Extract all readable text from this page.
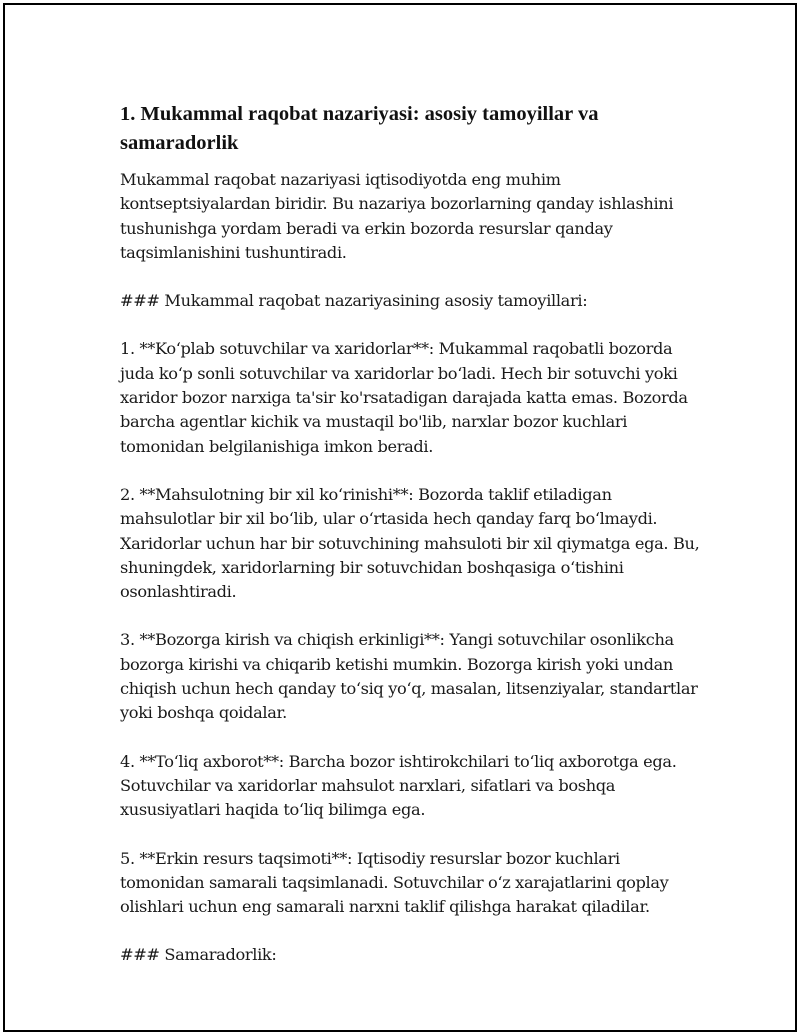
1. Mukammal raqobat nazariyasi: asosiy tamoyillar va samaradorlik

Mukammal raqobat nazariyasi iqtisodiyotda eng muhim kontseptsiyalardan biridir. Bu nazariya bozorlarning qanday ishlashini tushunishga yordam beradi va erkin bozorda resurslar qanday taqsimlanishini tushuntiradi.

### Mukammal raqobat nazariyasining asosiy tamoyillari:

1. **Koʻplab sotuvchilar va xaridorlar**: Mukammal raqobatli bozorda juda koʻp sonli sotuvchilar va xaridorlar boʻladi. Hech bir sotuvchi yoki xaridor bozor narxiga ta'sir ko'rsatadigan darajada katta emas. Bozorda barcha agentlar kichik va mustaqil bo'lib, narxlar bozor kuchlari tomonidan belgilanishiga imkon beradi.

2. **Mahsulotning bir xil koʻrinishi**: Bozorda taklif etiladigan mahsulotlar bir xil boʻlib, ular oʻrtasida hech qanday farq boʻlmaydi. Xaridorlar uchun har bir sotuvchining mahsuloti bir xil qiymatga ega. Bu, shuningdek, xaridorlarning bir sotuvchidan boshqasiga oʻtishini osonlashtiradi.

3. **Bozorga kirish va chiqish erkinligi**: Yangi sotuvchilar osonlikcha bozorga kirishi va chiqarib ketishi mumkin. Bozorga kirish yoki undan chiqish uchun hech qanday toʻsiq yoʻq, masalan, litsenziyalar, standartlar yoki boshqa qoidalar.

4. **Toʻliq axborot**: Barcha bozor ishtirokchilari toʻliq axborotga ega. Sotuvchilar va xaridorlar mahsulot narxlari, sifatlari va boshqa xususiyatlari haqida toʻliq bilimga ega.

5. **Erkin resurs taqsimoti**: Iqtisodiy resurslar bozor kuchlari tomonidan samarali taqsimlanadi. Sotuvchilar oʻz xarajatlarini qoplay olishlari uchun eng samarali narxni taklif qilishga harakat qiladilar.

### Samaradorlik:
